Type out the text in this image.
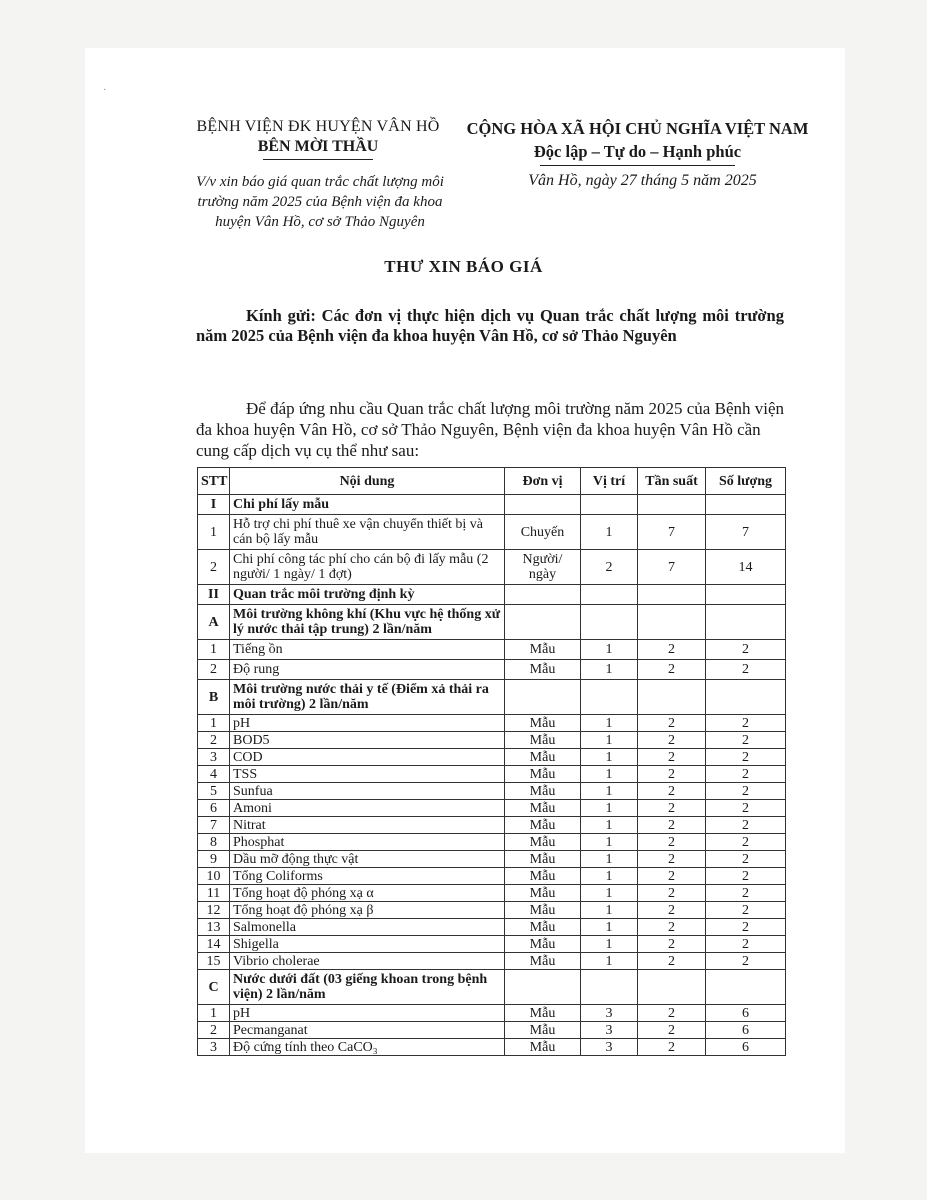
·
BỆNH VIỆN ĐK HUYỆN VÂN HỒ
BÊN MỜI THẦU
CỘNG HÒA XÃ HỘI CHỦ NGHĨA VIỆT NAM
Độc lập – Tự do – Hạnh phúc
V/v xin báo giá quan trắc chất lượng môi trường năm 2025 của Bệnh viện đa khoa huyện Vân Hồ, cơ sở Thảo Nguyên
Vân Hồ, ngày 27 tháng 5 năm 2025
THƯ XIN BÁO GIÁ
Kính gửi: Các đơn vị thực hiện dịch vụ Quan trắc chất lượng môi trường năm 2025 của Bệnh viện đa khoa huyện Vân Hồ, cơ sở Thảo Nguyên
Để đáp ứng nhu cầu Quan trắc chất lượng môi trường năm 2025 của Bệnh viện đa khoa huyện Vân Hồ, cơ sở Thảo Nguyên, Bệnh viện đa khoa huyện Vân Hồ cần cung cấp dịch vụ cụ thể như sau:
STT	Nội dung	Đơn vị	Vị trí	Tần suất	Số lượng
I	Chi phí lấy mẫu				
1	Hỗ trợ chi phí thuê xe vận chuyển thiết bị và cán bộ lấy mẫu	Chuyến	1	7	7
2	Chi phí công tác phí cho cán bộ đi lấy mẫu (2 người/ 1 ngày/ 1 đợt)	Người/ ngày	2	7	14
II	Quan trắc môi trường định kỳ				
A	Môi trường không khí (Khu vực hệ thống xử lý nước thải tập trung) 2 lần/năm				
1	Tiếng ồn	Mẫu	1	2	2
2	Độ rung	Mẫu	1	2	2
B	Môi trường nước thải y tế (Điểm xả thải ra môi trường) 2 lần/năm				
1	pH	Mẫu	1	2	2
2	BOD5	Mẫu	1	2	2
3	COD	Mẫu	1	2	2
4	TSS	Mẫu	1	2	2
5	Sunfua	Mẫu	1	2	2
6	Amoni	Mẫu	1	2	2
7	Nitrat	Mẫu	1	2	2
8	Phosphat	Mẫu	1	2	2
9	Dầu mỡ động thực vật	Mẫu	1	2	2
10	Tổng Coliforms	Mẫu	1	2	2
11	Tổng hoạt độ phóng xạ α	Mẫu	1	2	2
12	Tổng hoạt độ phóng xạ β	Mẫu	1	2	2
13	Salmonella	Mẫu	1	2	2
14	Shigella	Mẫu	1	2	2
15	Vibrio cholerae	Mẫu	1	2	2
C	Nước dưới đất (03 giếng khoan trong bệnh viện) 2 lần/năm				
1	pH	Mẫu	3	2	6
2	Pecmanganat	Mẫu	3	2	6
3	Độ cứng tính theo CaCO₃	Mẫu	3	2	6
